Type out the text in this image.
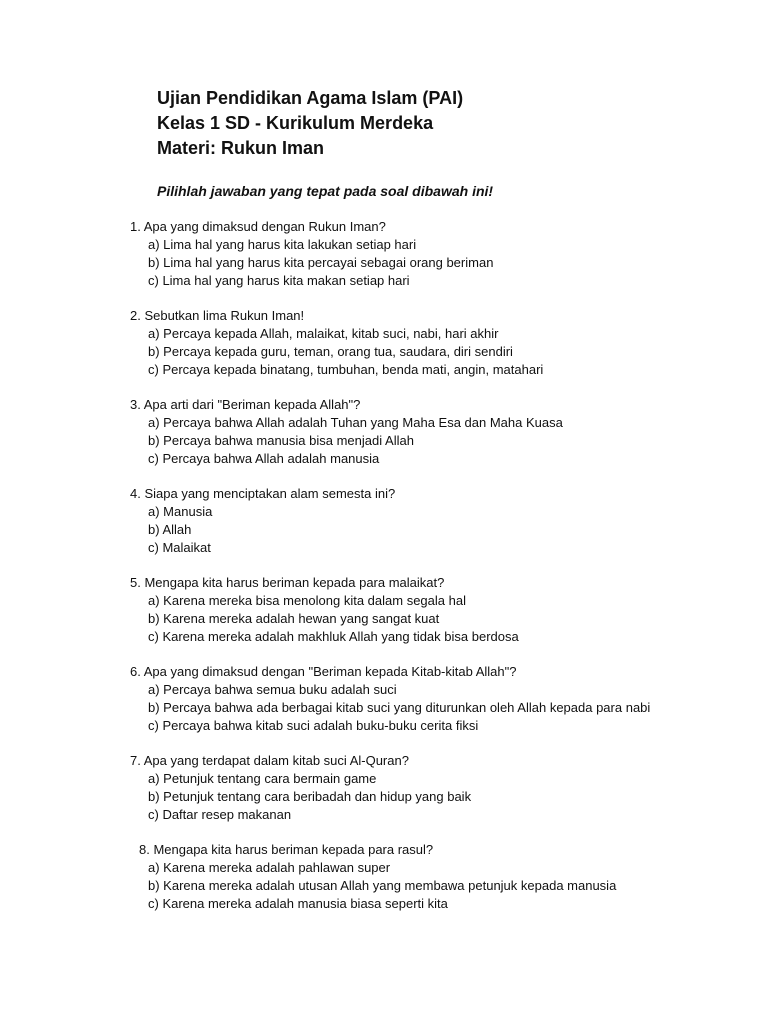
Ujian Pendidikan Agama Islam (PAI)
Kelas 1 SD - Kurikulum Merdeka
Materi: Rukun Iman
Pilihlah jawaban yang tepat pada soal dibawah ini!
1. Apa yang dimaksud dengan Rukun Iman?
a) Lima hal yang harus kita lakukan setiap hari
b) Lima hal yang harus kita percayai sebagai orang beriman
c) Lima hal yang harus kita makan setiap hari
2. Sebutkan lima Rukun Iman!
a) Percaya kepada Allah, malaikat, kitab suci, nabi, hari akhir
b) Percaya kepada guru, teman, orang tua, saudara, diri sendiri
c) Percaya kepada binatang, tumbuhan, benda mati, angin, matahari
3. Apa arti dari "Beriman kepada Allah"?
a) Percaya bahwa Allah adalah Tuhan yang Maha Esa dan Maha Kuasa
b) Percaya bahwa manusia bisa menjadi Allah
c) Percaya bahwa Allah adalah manusia
4. Siapa yang menciptakan alam semesta ini?
a) Manusia
b) Allah
c) Malaikat
5. Mengapa kita harus beriman kepada para malaikat?
a) Karena mereka bisa menolong kita dalam segala hal
b) Karena mereka adalah hewan yang sangat kuat
c) Karena mereka adalah makhluk Allah yang tidak bisa berdosa
6. Apa yang dimaksud dengan "Beriman kepada Kitab-kitab Allah"?
a) Percaya bahwa semua buku adalah suci
b) Percaya bahwa ada berbagai kitab suci yang diturunkan oleh Allah kepada para nabi
c) Percaya bahwa kitab suci adalah buku-buku cerita fiksi
7. Apa yang terdapat dalam kitab suci Al-Quran?
a) Petunjuk tentang cara bermain game
b) Petunjuk tentang cara beribadah dan hidup yang baik
c) Daftar resep makanan
8. Mengapa kita harus beriman kepada para rasul?
a) Karena mereka adalah pahlawan super
b) Karena mereka adalah utusan Allah yang membawa petunjuk kepada manusia
c) Karena mereka adalah manusia biasa seperti kita
